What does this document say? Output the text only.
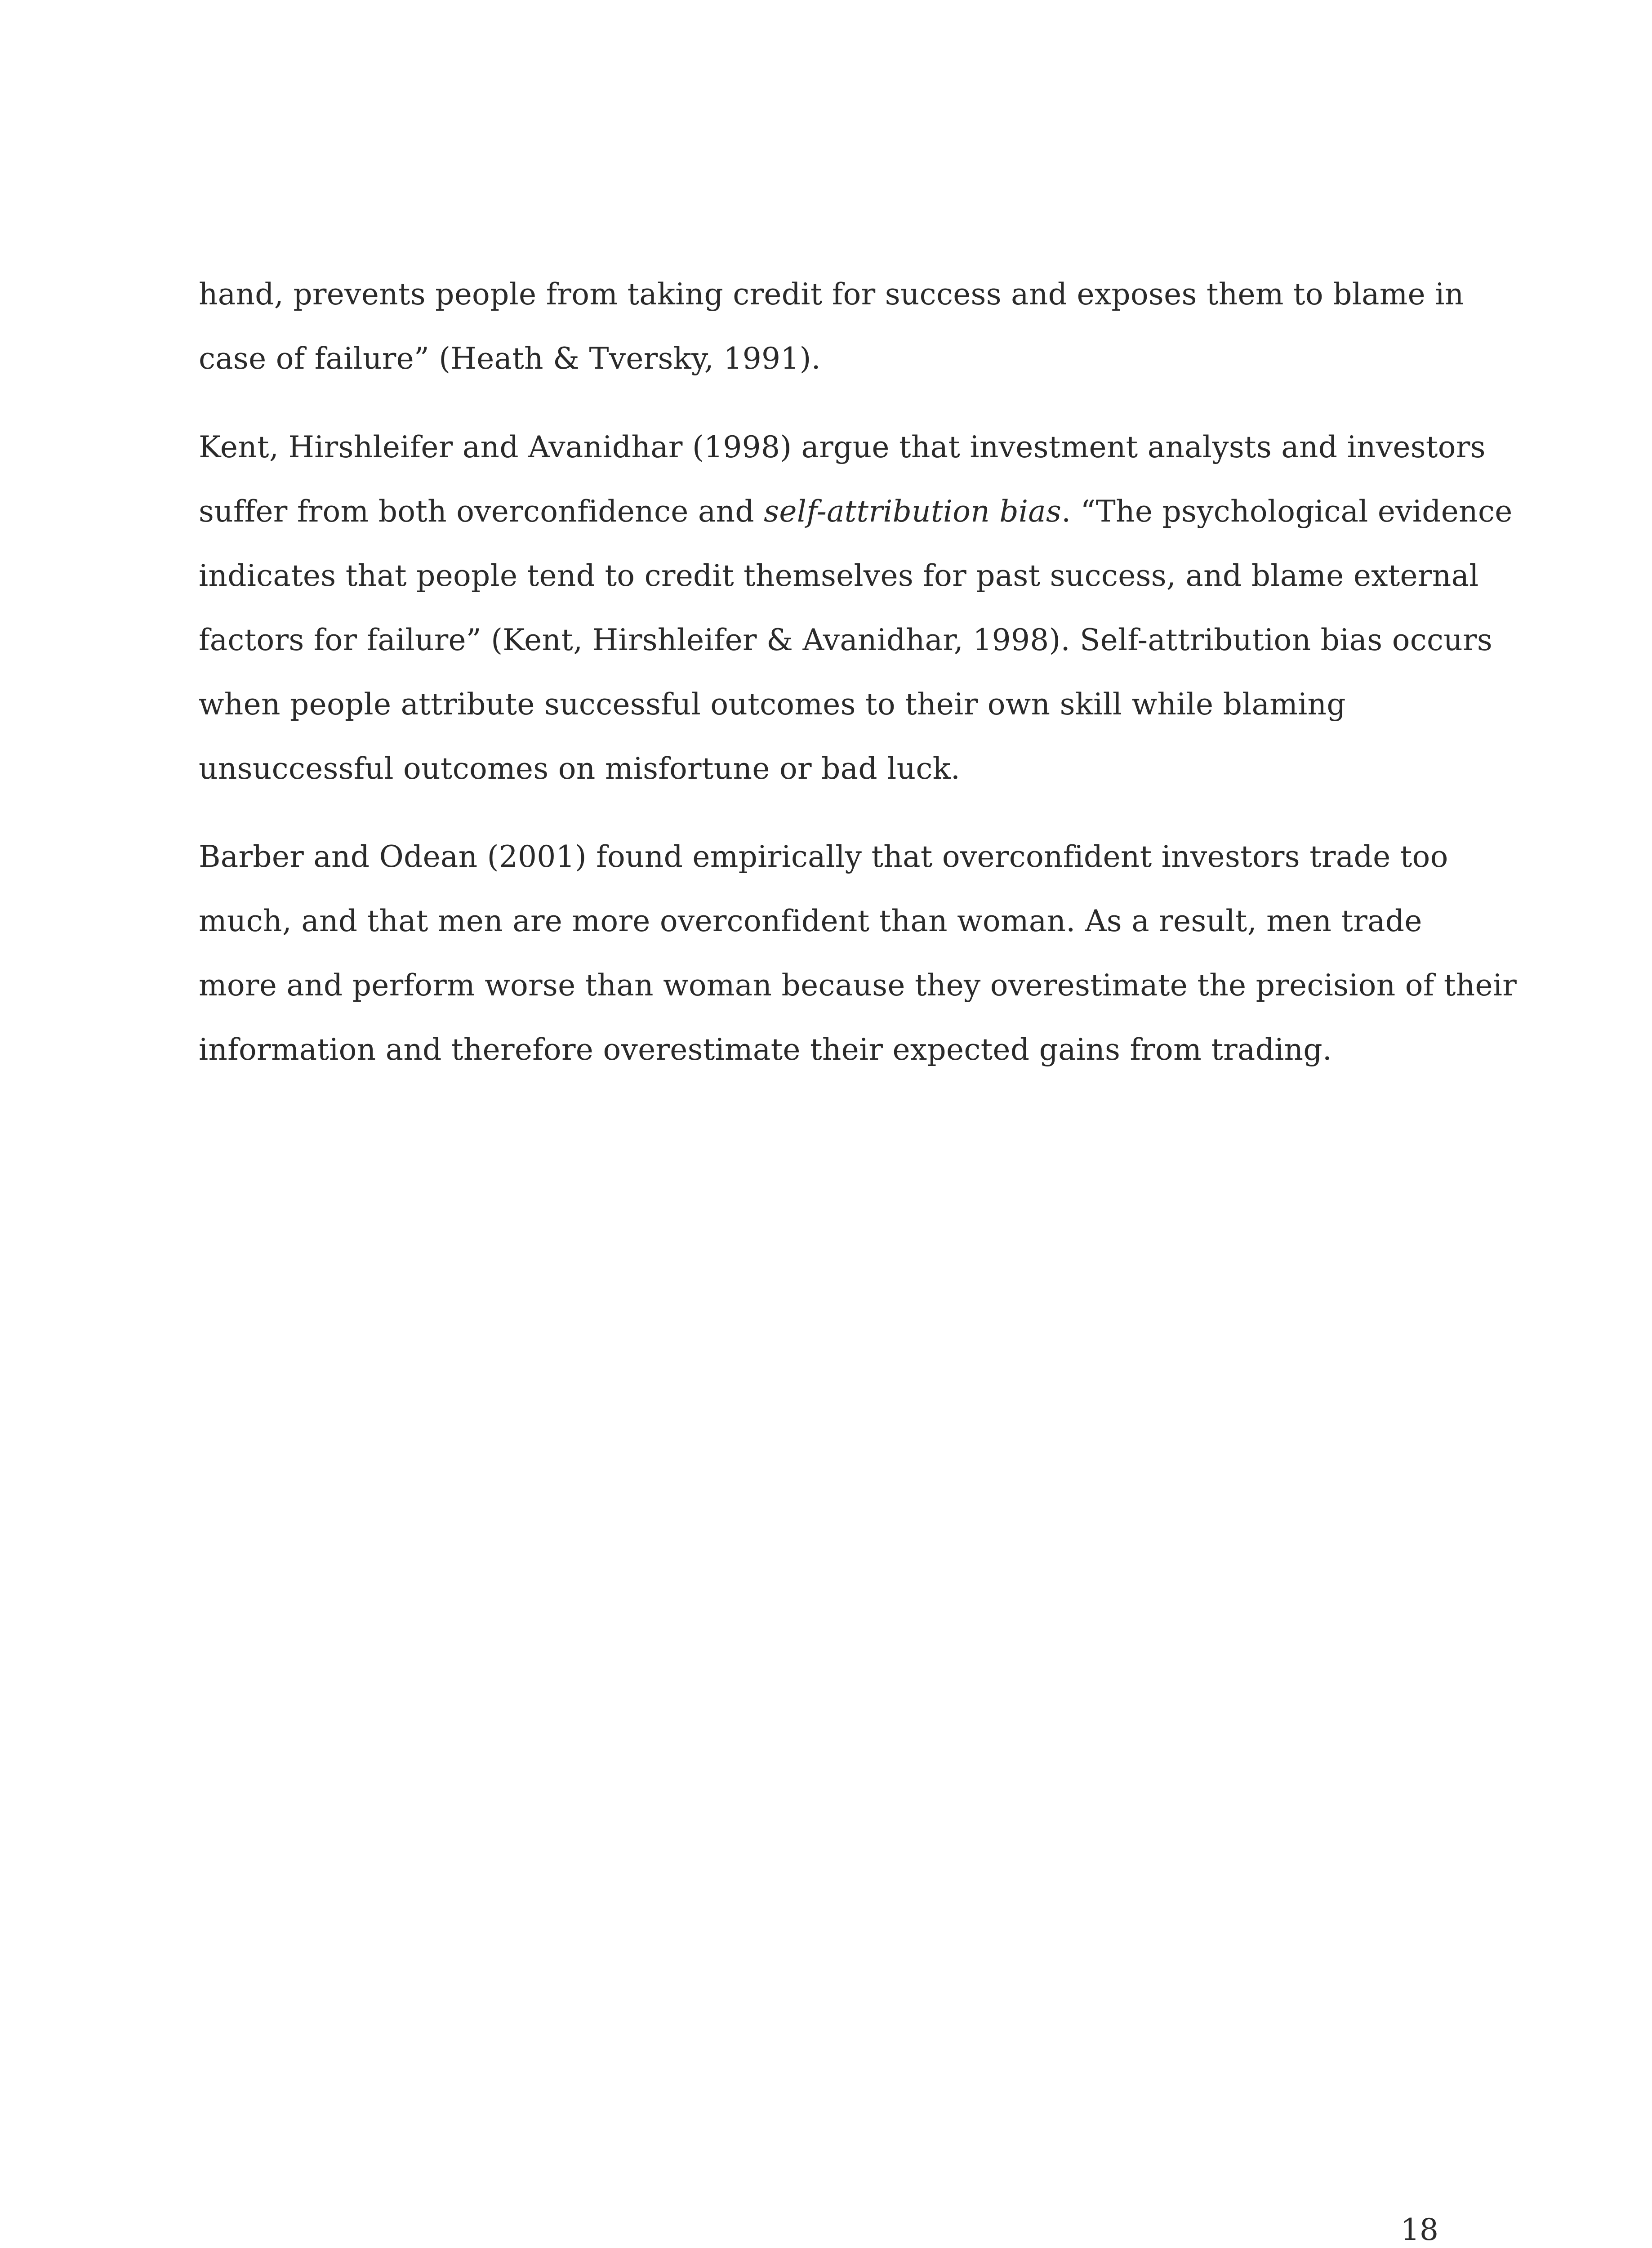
hand, prevents people from taking credit for success and exposes them to blame in
case of failure” (Heath & Tversky, 1991).
Kent, Hirshleifer and Avanidhar (1998) argue that investment analysts and investors
suffer from both overconfidence and self-attribution bias. “The psychological evidence
indicates that people tend to credit themselves for past success, and blame external
factors for failure” (Kent, Hirshleifer & Avanidhar, 1998). Self-attribution bias occurs
when people attribute successful outcomes to their own skill while blaming
unsuccessful outcomes on misfortune or bad luck.
Barber and Odean (2001) found empirically that overconfident investors trade too
much, and that men are more overconfident than woman. As a result, men trade
more and perform worse than woman because they overestimate the precision of their
information and therefore overestimate their expected gains from trading.
18
